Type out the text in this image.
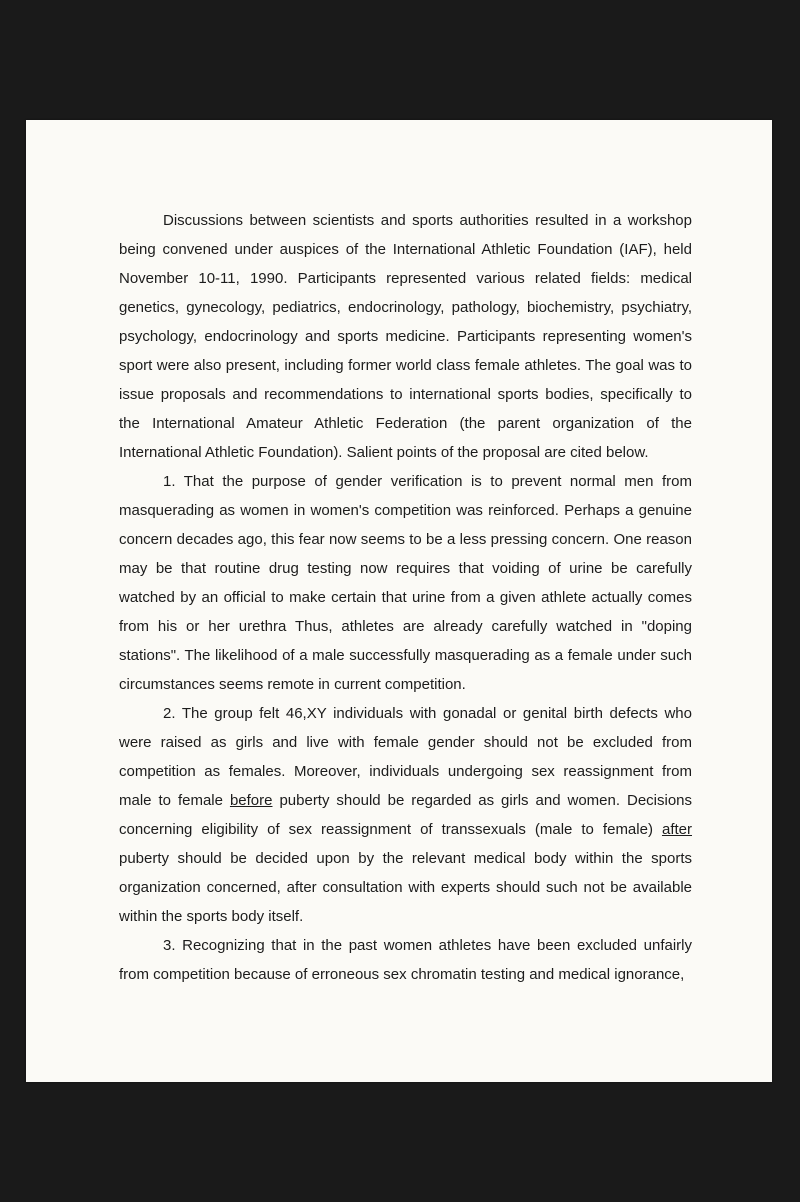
Discussions between scientists and sports authorities resulted in a workshop being convened under auspices of the International Athletic Foundation (IAF), held November 10-11, 1990. Participants represented various related fields: medical genetics, gynecology, pediatrics, endocrinology, pathology, biochemistry, psychiatry, psychology, endocrinology and sports medicine. Participants representing women's sport were also present, including former world class female athletes. The goal was to issue proposals and recommendations to international sports bodies, specifically to the International Amateur Athletic Federation (the parent organization of the International Athletic Foundation). Salient points of the proposal are cited below.

1. That the purpose of gender verification is to prevent normal men from masquerading as women in women's competition was reinforced. Perhaps a genuine concern decades ago, this fear now seems to be a less pressing concern. One reason may be that routine drug testing now requires that voiding of urine be carefully watched by an official to make certain that urine from a given athlete actually comes from his or her urethra Thus, athletes are already carefully watched in "doping stations". The likelihood of a male successfully masquerading as a female under such circumstances seems remote in current competition.

2. The group felt 46,XY individuals with gonadal or genital birth defects who were raised as girls and live with female gender should not be excluded from competition as females. Moreover, individuals undergoing sex reassignment from male to female before puberty should be regarded as girls and women. Decisions concerning eligibility of sex reassignment of transsexuals (male to female) after puberty should be decided upon by the relevant medical body within the sports organization concerned, after consultation with experts should such not be available within the sports body itself.

3. Recognizing that in the past women athletes have been excluded unfairly from competition because of erroneous sex chromatin testing and medical ignorance,
